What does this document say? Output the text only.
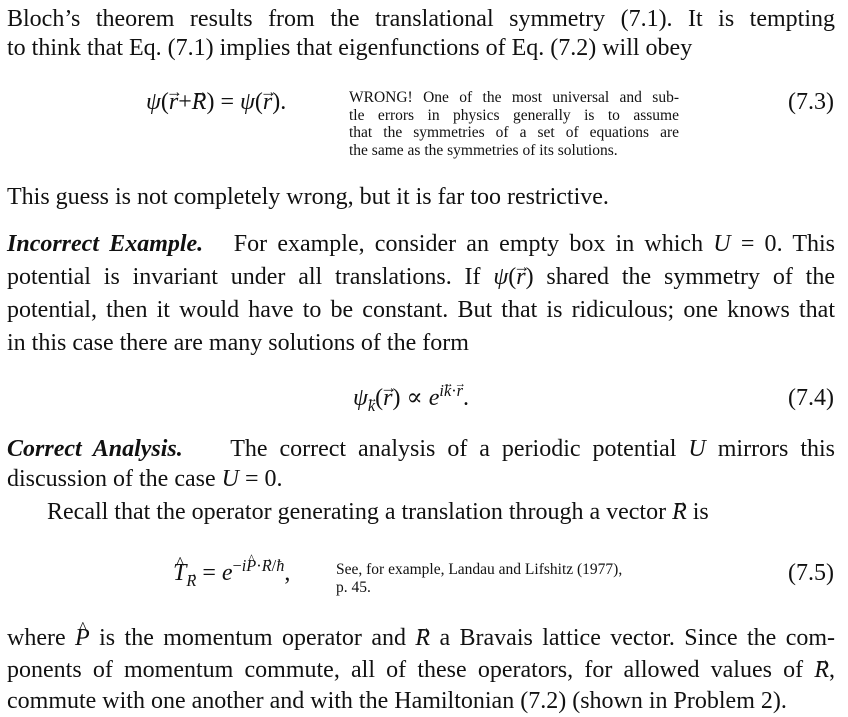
Bloch’s theorem results from the translational symmetry (7.1). It is tempting
to think that Eq. (7.1) implies that eigenfunctions of Eq. (7.2) will obey
ψ(r →+R →) = ψ(r →).	WRONG! One of the most universal and sub-
tle errors in physics generally is to assume
that the symmetries of a set of equations are
the same as the symmetries of its solutions.
(7.3)
This guess is not completely wrong, but it is far too restrictive.
Incorrect Example. For example, consider an empty box in which U = 0. This
potential is invariant under all translations. If ψ(r →) shared the symmetry of the
potential, then it would have to be constant. But that is ridiculous; one knows that
in this case there are many solutions of the form
$\psi_k(r$ →) ∝ $e^{ik\cdot r}$.	(7.4)
Correct Analysis. The correct analysis of a periodic potential U mirrors this
discussion of the case U = 0.
Recall that the operator generating a translation through a vector R → is
T $\^{}_R = e^{-iP\cdot R/ħ}$,	See, for example, Landau and Lifshitz (1977),
p. 45.
(7.5)
where P ^ is the momentum operator and R → a Bravais lattice vector. Since the com-
ponents of momentum commute, all of these operators, for allowed values of R →,
commute with one another and with the Hamiltonian (7.2) (shown in Problem 2).
